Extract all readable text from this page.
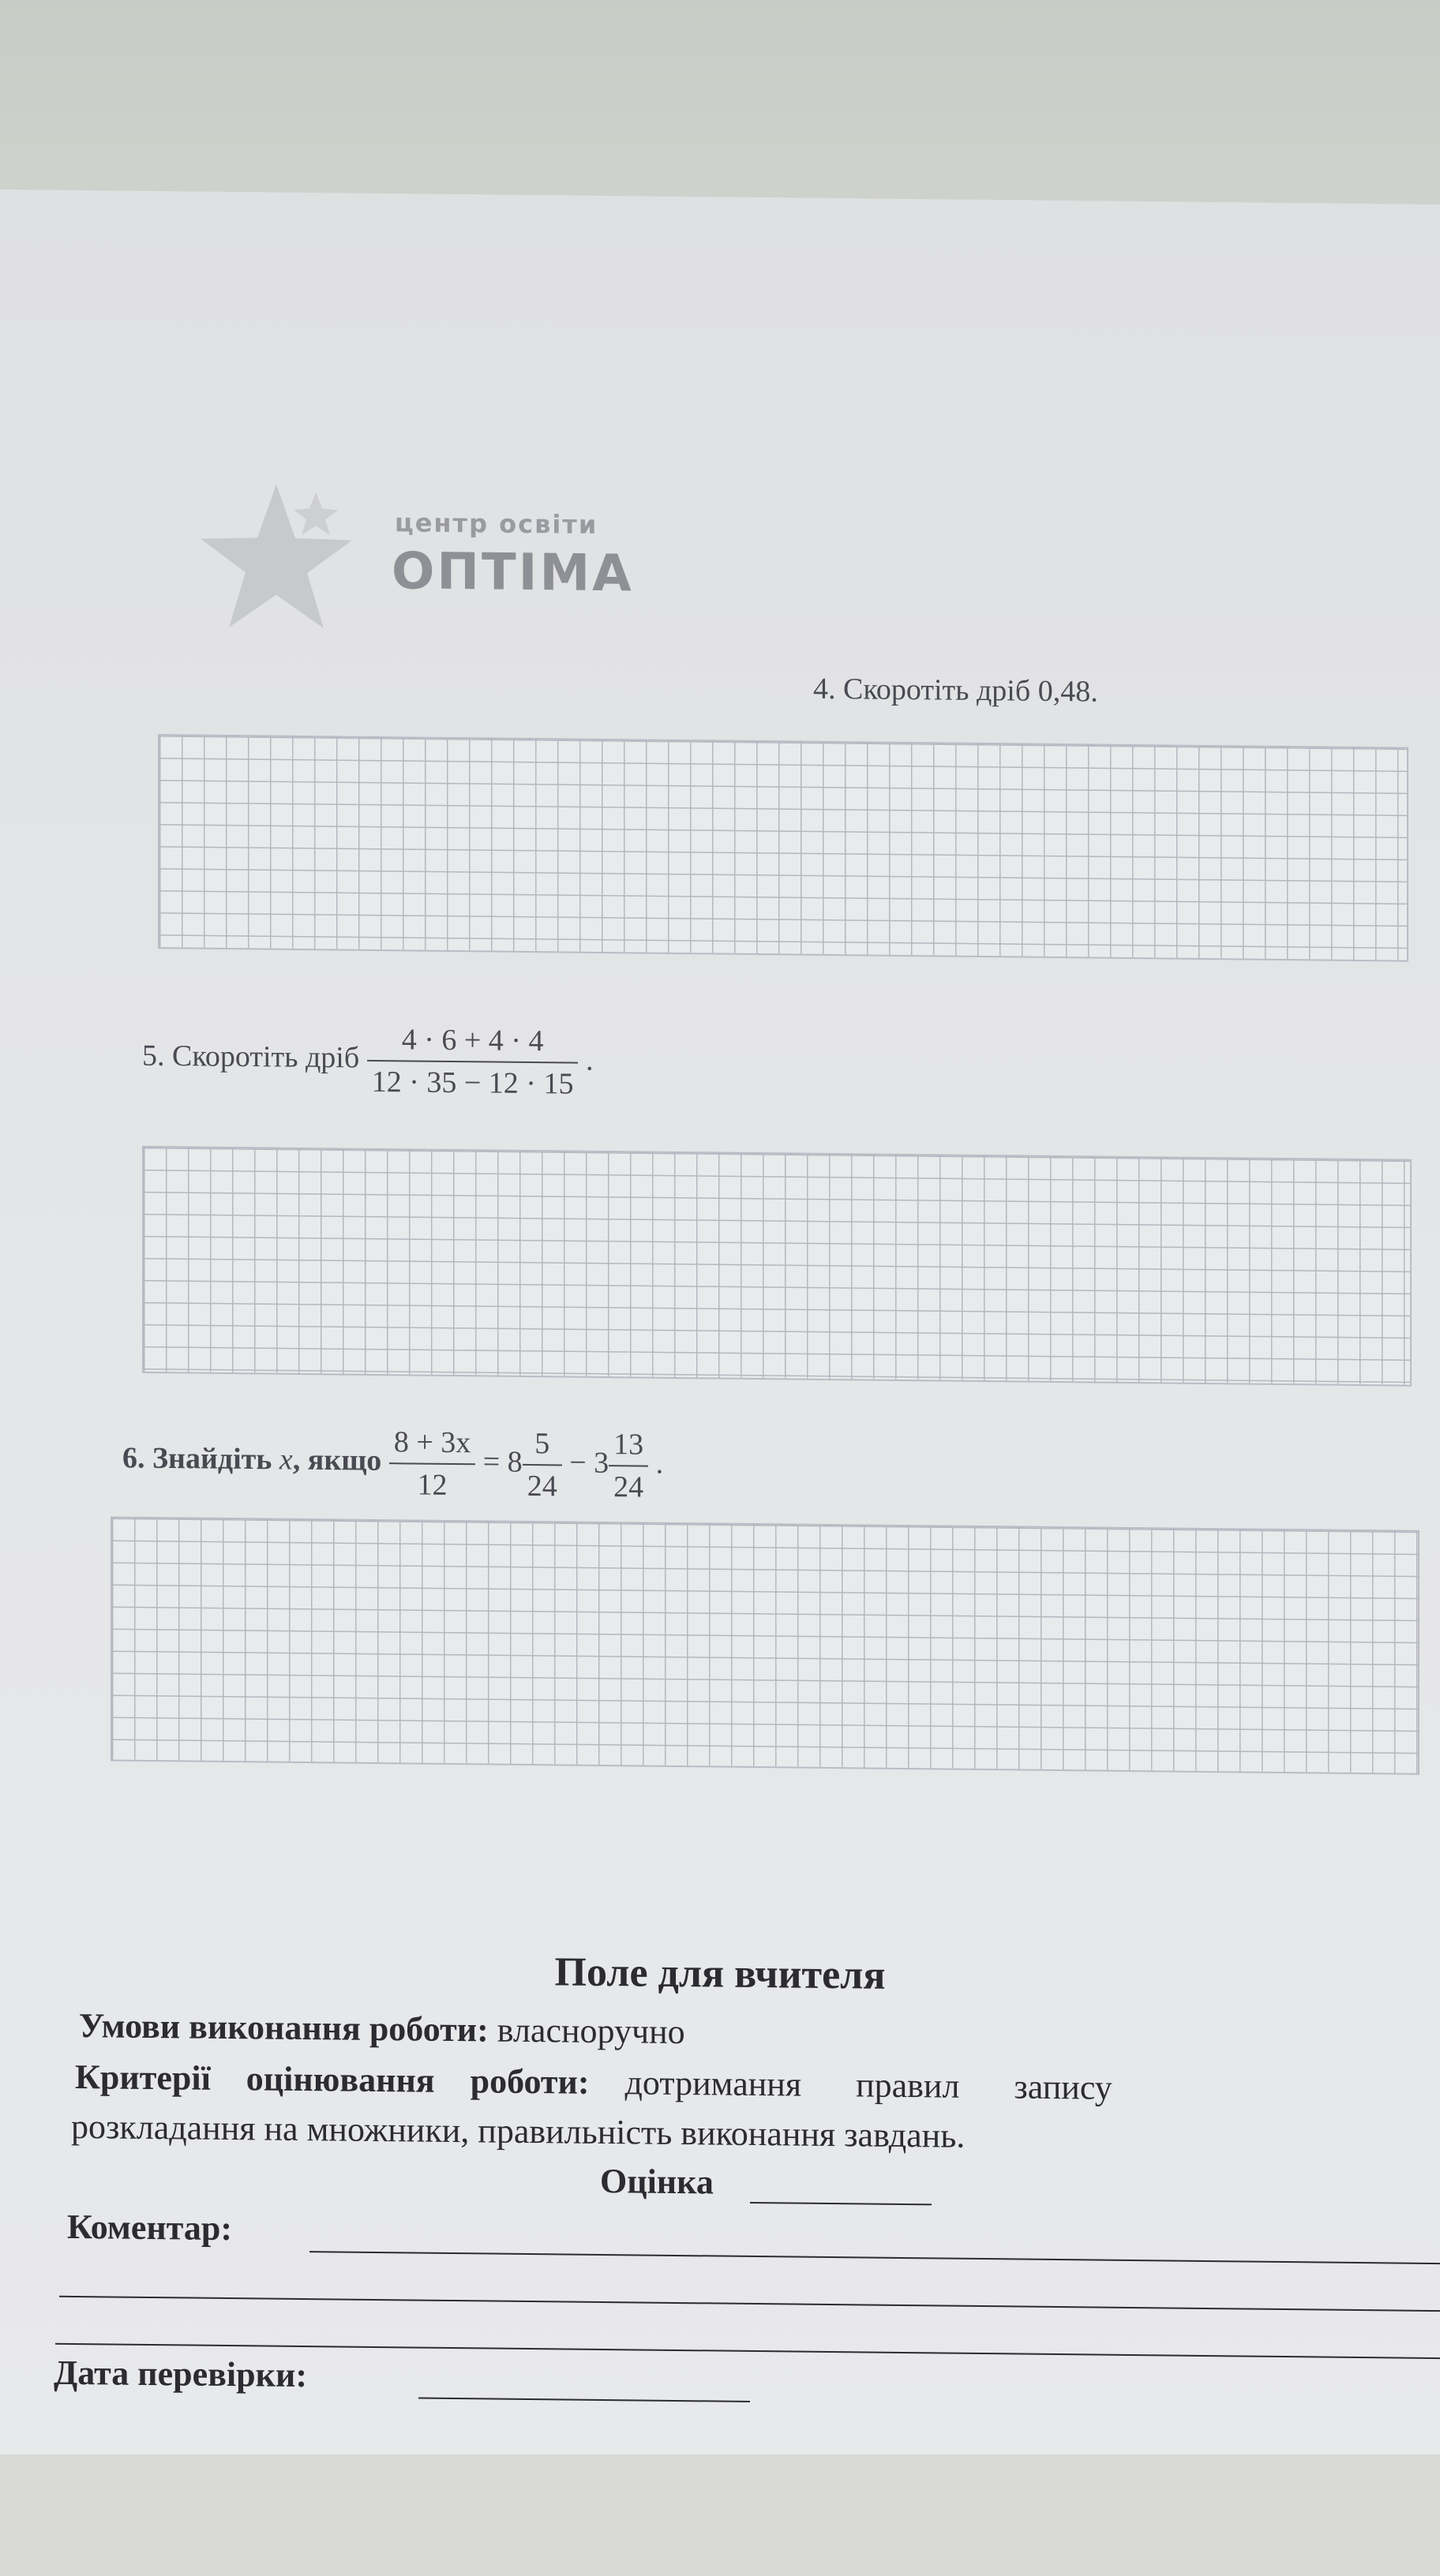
центр освіти
ОПТІМА
4. Скоротіть дріб 0,48.
5. Скоротіть дріб $\frac{4 \cdot 6 + 4 \cdot 4}{12 \cdot 35 - 12 \cdot 15}$ .
6. Знайдіть x, якщо $\frac{8 + 3x}{12} = 8 \frac{5}{24} - 3 \frac{13}{24}$ .
Поле для вчителя
Умови виконання роботи: власноручно
Критерії оцінювання роботи: дотримання правил запису
розкладання на множники, правильність виконання завдань.
Оцінка
Коментар:
Дата перевірки:
